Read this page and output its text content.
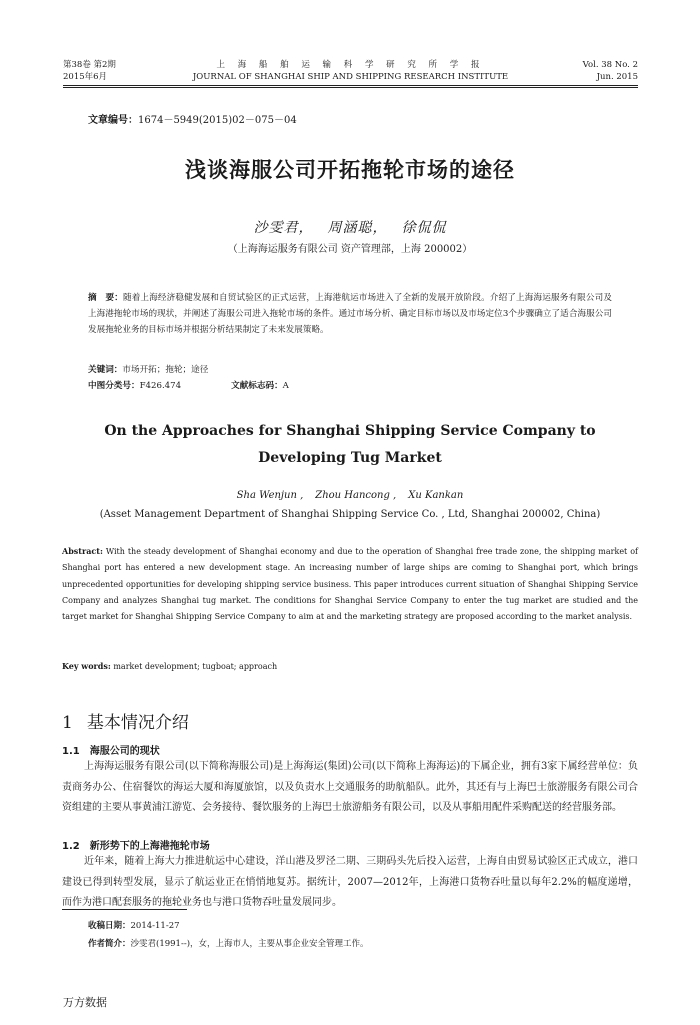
第38卷 第2期
2015年6月
上 海 船 舶 运 输 科 学 研 究 所 学 报
JOURNAL OF SHANGHAI SHIP AND SHIPPING RESEARCH INSTITUTE
Vol. 38 No. 2
Jun. 2015
文章编号：1674－5949(2015)02－075－04
浅谈海服公司开拓拖轮市场的途径
沙雯君， 周涵聪， 徐侃侃
（上海海运服务有限公司 资产管理部，上海 200002）
摘　要：随着上海经济稳健发展和自贸试验区的正式运营，上海港航运市场进入了全新的发展开放阶段。介绍了上海海运服务有限公司及上海港拖轮市场的现状，并阐述了海服公司进入拖轮市场的条件。通过市场分析、确定目标市场以及市场定位3个步骤确立了适合海服公司发展拖轮业务的目标市场并根据分析结果制定了未来发展策略。
关键词：市场开拓；拖轮；途径
中图分类号：F426.474	文献标志码：A
On the Approaches for Shanghai Shipping Service Company to Developing Tug Market
Sha Wenjun , Zhou Hancong , Xu Kankan
(Asset Management Department of Shanghai Shipping Service Co. , Ltd, Shanghai 200002, China)
Abstract: With the steady development of Shanghai economy and due to the operation of Shanghai free trade zone, the shipping market of Shanghai port has entered a new development stage. An increasing number of large ships are coming to Shanghai port, which brings unprecedented opportunities for developing shipping service business. This paper introduces current situation of Shanghai Shipping Service Company and analyzes Shanghai tug market. The conditions for Shanghai Service Company to enter the tug market are studied and the target market for Shanghai Shipping Service Company to aim at and the marketing strategy are proposed according to the market analysis.
Key words: market development; tugboat; approach
1 基本情况介绍
1.1 海服公司的现状
上海海运服务有限公司(以下简称海服公司)是上海海运(集团)公司(以下简称上海海运)的下属企业，拥有3家下属经营单位：负责商务办公、住宿餐饮的海运大厦和海厦旅馆，以及负责水上交通服务的助航船队。此外，其还有与上海巴士旅游服务有限公司合资组建的主要从事黄浦江游览、会务接待、餐饮服务的上海巴士旅游船务有限公司，以及从事船用配件采购配送的经营服务部。
1.2 新形势下的上海港拖轮市场
近年来，随着上海大力推进航运中心建设，洋山港及罗泾二期、三期码头先后投入运营，上海自由贸易试验区正式成立，港口建设已得到转型发展，显示了航运业正在悄悄地复苏。据统计，2007—2012年，上海港口货物吞吐量以每年2.2%的幅度递增，而作为港口配套服务的拖轮业务也与港口货物吞吐量发展同步。
收稿日期：2014-11-27
作者简介：沙雯君(1991--)，女，上海市人，主要从事企业安全管理工作。
万方数据
